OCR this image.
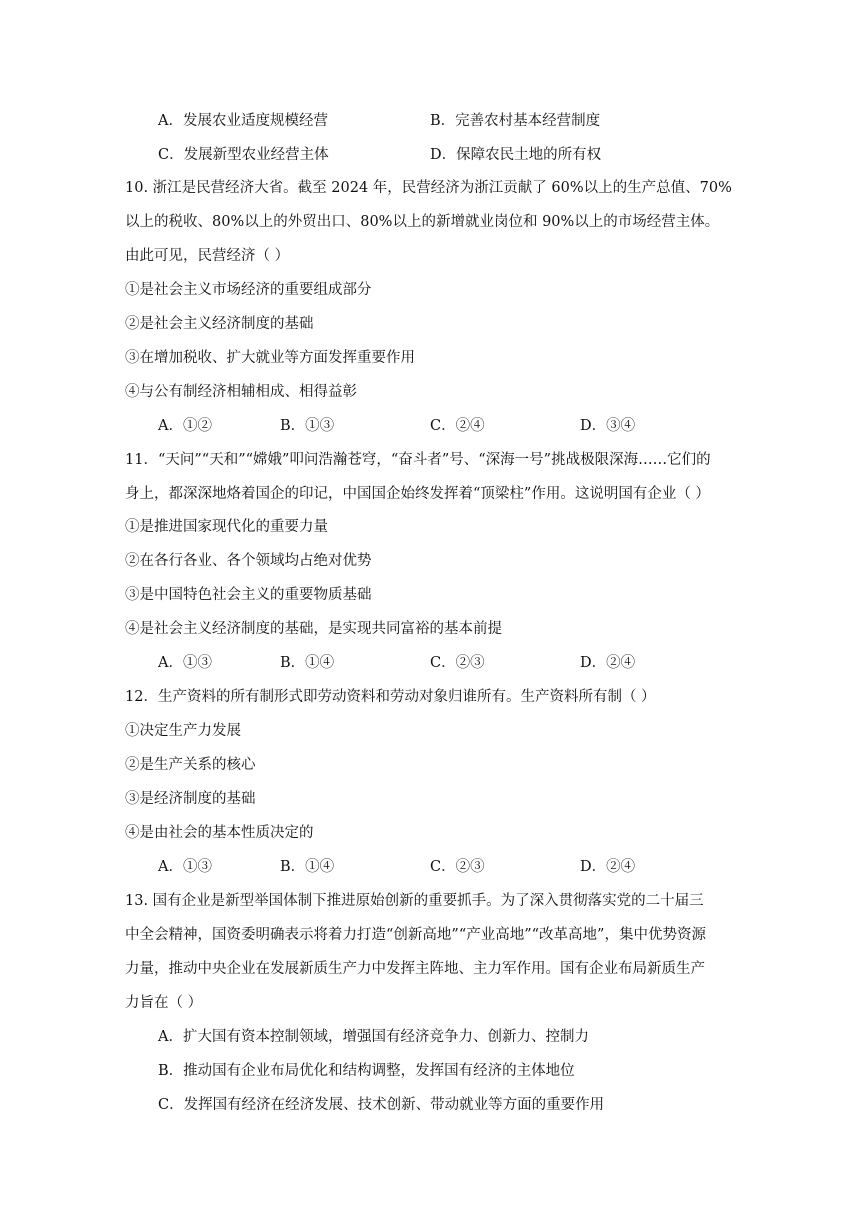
A．发展农业适度规模经营	B．完善农村基本经营制度
C．发展新型农业经营主体	D．保障农民土地的所有权
10. 浙江是民营经济大省。截至 2024 年，民营经济为浙江贡献了 60%以上的生产总值、70%
以上的税收、80%以上的外贸出口、80%以上的新增就业岗位和 90%以上的市场经营主体。
由此可见，民营经济（ ）
①是社会主义市场经济的重要组成部分
②是社会主义经济制度的基础
③在增加税收、扩大就业等方面发挥重要作用
④与公有制经济相辅相成、相得益彰
A．①②	B．①③	C．②④	D．③④
11．“天问”“天和”“嫦娥”叩问浩瀚苍穹，“奋斗者”号、“深海一号”挑战极限深海……它们的
身上，都深深地烙着国企的印记，中国国企始终发挥着“顶梁柱”作用。这说明国有企业（ ）
①是推进国家现代化的重要力量
②在各行各业、各个领域均占绝对优势
③是中国特色社会主义的重要物质基础
④是社会主义经济制度的基础，是实现共同富裕的基本前提
A．①③	B．①④	C．②③	D．②④
12．生产资料的所有制形式即劳动资料和劳动对象归谁所有。生产资料所有制（ ）
①决定生产力发展
②是生产关系的核心
③是经济制度的基础
④是由社会的基本性质决定的
A．①③	B．①④	C．②③	D．②④
13. 国有企业是新型举国体制下推进原始创新的重要抓手。为了深入贯彻落实党的二十届三
中全会精神，国资委明确表示将着力打造“创新高地”“产业高地”“改革高地”，集中优势资源
力量，推动中央企业在发展新质生产力中发挥主阵地、主力军作用。国有企业布局新质生产
力旨在（ ）
A．扩大国有资本控制领域，增强国有经济竞争力、创新力、控制力
B．推动国有企业布局优化和结构调整，发挥国有经济的主体地位
C．发挥国有经济在经济发展、技术创新、带动就业等方面的重要作用
